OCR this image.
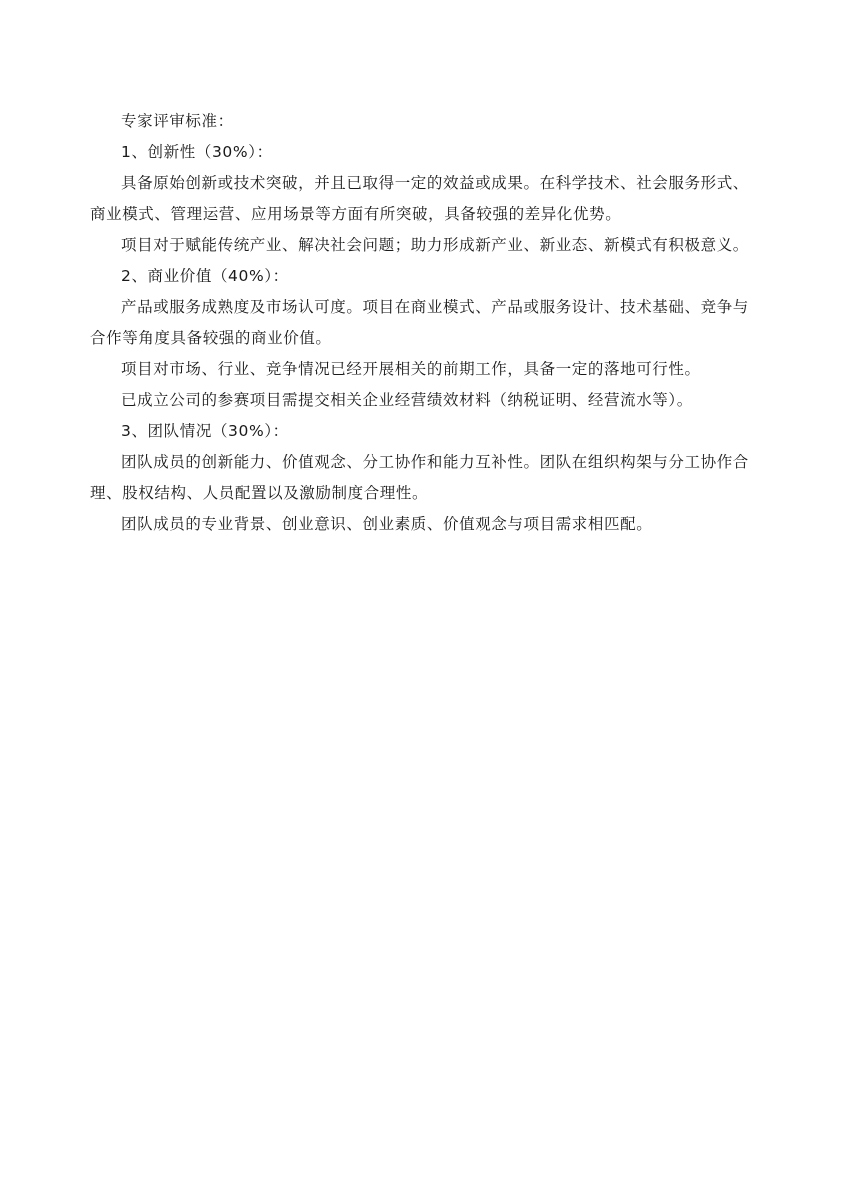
专家评审标准：

1、创新性（30%）：

具备原始创新或技术突破，并且已取得一定的效益或成果。在科学技术、社会服务形式、商业模式、管理运营、应用场景等方面有所突破，具备较强的差异化优势。

项目对于赋能传统产业、解决社会问题；助力形成新产业、新业态、新模式有积极意义。

2、商业价值（40%）：

产品或服务成熟度及市场认可度。项目在商业模式、产品或服务设计、技术基础、竞争与合作等角度具备较强的商业价值。

项目对市场、行业、竞争情况已经开展相关的前期工作，具备一定的落地可行性。

已成立公司的参赛项目需提交相关企业经营绩效材料（纳税证明、经营流水等）。

3、团队情况（30%）：

团队成员的创新能力、价值观念、分工协作和能力互补性。团队在组织构架与分工协作合理、股权结构、人员配置以及激励制度合理性。

团队成员的专业背景、创业意识、创业素质、价值观念与项目需求相匹配。
